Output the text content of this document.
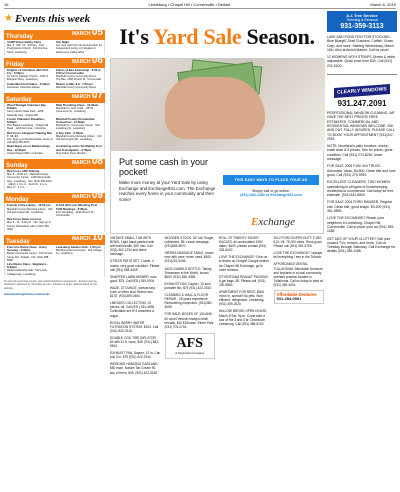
16	Lewisburg • Chapel Hill • Cornersville • Belfast	March 6, 2019
★ Events this week
Thursday	MARCH 05
AARP Driver Safety Class
Mar. 5 · Mar. 10 · 9:00 am · First Presbyterian Church · 612 2nd Ave. North, Lewisburg
Info Night
Info: Any night from the Resurrection for independent Living, 2-4 Register in advance by calling office
Friday	MARCH 06
Knights of Columbus 40th Fish Fry - 5:00pm
St. John's Catholic Church · 1545 S. Ellington Pkwy., Lewisburg
Future of Bee Fellowship - 6:00 to 9:00 pm Cornersville
Marshall County Community Room, The Bee, 1590 Church St., Cornersville
Columbia First Fridays - 5:00pm
Downtown Columbia Square
Return to Mar. 8-9 · 7:00 pm
Marshall County Community Room
Saturday	MARCH 07
Wood Wrangle Volunteer Day - 8:00am
Henry Horton State Park · 4209 Nashville Hwy., Chapel Hill
Ride Thumbing Class - 10:00am
Marshall Co. Hist. Guild · 100 W Commerce St., Lewisburg
Frozen Character Breakfast - 8:30am
First Baptist Lewisburg · Chapel Hill Road · 1230 Fern Ave., Columbia
Marshall County Presidential Convention - 11:00am
Marshall Co. Community Center · 510 Lewisburg St., Lewisburg
Red Cross Lifeguard Training Mar 7, 14, 21
Info: Sign up at the Recreation center or call (931) 359-4510
A Pop Club - 2:00pm
Marshall County Memorial Library · 310 Old Farmington Rd., Lewisburg
Read Signs of our Relationships Day - 12:00pm
United Chapel UMC, Columbia
An Evening at the Vet Making Tool and Investigation - 6:00pm
First Friday Tours Monthly
Sunday	MARCH 08
Red Cross CPR Training
Mar. 8 · 12:00 pm · Marshall County Community Center · 1325 Mooresville Hwy., Lewisburg · Info: (931) 359-4510 · March 1, 6 p.m. · April 19 · 2 p.m. · May 17 · 2 p.m.
Monday	MARCH 09
Friends of the Library - 12:00 pm
Marshall County Memorial Library · 310 Old Farmington Rd., Lewisburg
K.S.M. Bill Leon Wheeling Post 5109 Meetings - 6:30pm
E.M. Rumbling · 1445 Church St., Cornersville
Red Cross Swim Lessons
Mar. 9 - 16 · 6:00 pm · Info: Sign up at Tommy Richardson call or (931) 359-4510
Tuesday	MARCH 10
Free Line Dance Class · Every Tuesday · 2:00pm
Bethel Community Center · 100 Verona Caney Rd., Pulaski · Info: (931) 388-5568
Lewisburg Garden Club - 1:00 pm
Bell Memorial Community · 200 College St., Lewisburg
Line Dance Class · Beginners - 5:30pm
Raider Fellowship Hall · 513 Lewis Collage Hwy., Lewisburg
To view all upcoming events, visit: lewisburgtribune.com/events · Events must be received in advance by Thursday at noon. Contact us at the address listed on the website.
www.lewisburgtribune.com/events
It's Yard Sale Season.
Put some cash in your pocket!
Make more money at your Yard Sale by using Exchange and Exchange931.com. The Exchange reaches every home in your community and then some!
THIS EASY WAYS TO PLACE YOUR AD
Simply call or go online:
(931) 484-1283 or Exchange931.com
Exchange

VINTAGE SMALL TUB WITH BOWL, Light hand-painted sink with bail handle, $20 obo. Call (931) 362-1234 and leave message.

5 PIECE PATIO SET, 1 table, 4 chairs, very good condition. Please call (931) 698-3445.

SNAPPER LAWN MOWER, runs good, $75. Call (931) 359-0004.

WAZE, 37 DUNCE, canvas tarp, cube or silver skid, Brand new. $175. (931)359-0464.

LIMOGES COLLECTION, 10 pieces, all. Call (931) 334-4590. Collectable set of 4 creamers & sugar.

ROYAL BERRY WATER FILTRATION SYSTEM, $100. Call (931) 842-2316.

DOUBLE COIL TIRE INFLATOR, kit with 12 ft. hose, $45. (931) 842-5510.

EXHAUST FAN, Dayton, 12 in. Can pull 3 in. $75 (931) 422-2310.

WEDDING HANGING GARLAND, $50 each, Nature Tan Cream 90, two of them, $45. (931) 422-3150.

WOODEN STOCK, 34" tall, Single, unfinished. $5. Leave message. (931)845-9870.

SIERRA MASSAGE TABLE, brand new with case, never used. $400. (931)222-0046.

JACK DANIELS BOTTLE, Taking Tennessee to the World, boxed. $500. (931) 830-4396.

EXHAUST FAN, Dayton, 12-inch portable fan. $75 (931) 422-2310.

CLEANING & WALL & FLOOR REPAIR - 25 years experience. Remodeling Inspection. (931)380-4096.

FOR SALE: BOXES OF 100 AND 60 count Verizon shotgun shell reloads, $10 $15/case. Elmer Pahr (931) 703-2744.

AFS
A Saybrook Company

ROLL OF TWENTY SILVER EAGLES, all uncirculated 1992 dates. $400, please contact (931) 333-5432.

LOVE THE EXCHANGE? Give us a review on Google! Google search for Chapel Hill Exchange, go to more reviews.

STYROFOAM PEANUT PACKING 6 gal bags, $5. Please call. (931) 330-5864.

APARTMENT FOR RENT, $300 move in, special! No pets. Nice, efficient, refrigerator. Lewisburg. (931) 359-2020.

WILLOW BROOK OPEN HOUSE, March 8 Sat, 9p.m. Come take a tour of the 3 and 4 br. Downtown Lewisburg. Call (931) 388-5100.

2012 FORD SUPER DUTY F-250, 6.2L V8, 75,000 miles. Runs good. Please call (931) 361-5765.

LOVE THE EXCHANGE? I always tell everything I see in the Tribune.

AFFORDABLE DENTAL TULLAHOMA: Affordable Dentures and Implants is a local community oriented practice located in Tullahoma. Call us today to start at (931) 455-4001.

Affordable Dentures
931-454-0001
A-1 Tree Service
Trimming & Removal
931-359-3113
LAKE AND POND FISH FOR STOCKING: Blue Bluegill, Shell Crackers, Catfish, Grass Carp, and more. Starting Wednesday, March 11th. Also at Amish Market. Call for price!
12 WOMENS WITH STRAPS. Brown & white, adjustable. Quick price from $30. Call (931) 232-5100.
CLEARLY WINDOWS
931.247.2091
PROFESSIONAL WINDOW CLEANING, WE HAVE THE BEST PRICES! FREE ESTIMATES, COMMERCIAL AND RESIDENTIAL WINDOWS WELCOME. IND AND OUT. FULLY INSURED. PLEASE CALL TO BOOK YOUR APPOINTMENT (931)247-2091.
NOTE: Moreland's patio furniture, sheep, small chair & 5 pieces. See for prices, great condition. Call (931) 274-8250, leave message.
FOR SALE 2005 F150 4X4 TRUCK. Automatic, clean. $4,500. Clean title and runs good. Call (931) 270-9991.
EXCELLENT CLEANERS, TWO WOMEN specializing in all types of housekeeping, residential or commercial. Call today for free estimate, (931) 842-8800.
FOR SALE 2004 FORD RANGER. Regular cab. Clean title, good shape. $3,200 (931) 361-0855.
LOVE THE EXCHANGE? Reach your neighbors in Lewisburg, Chapel Hill, Cornersville. Call to place your ad (931) 359-1188.
GET ADS OF YOUR CLUTTER? Sell your unused TVs, movies, and more. Call us Tuesday through Saturday. Call Exchange for details (931) 359-1188.
